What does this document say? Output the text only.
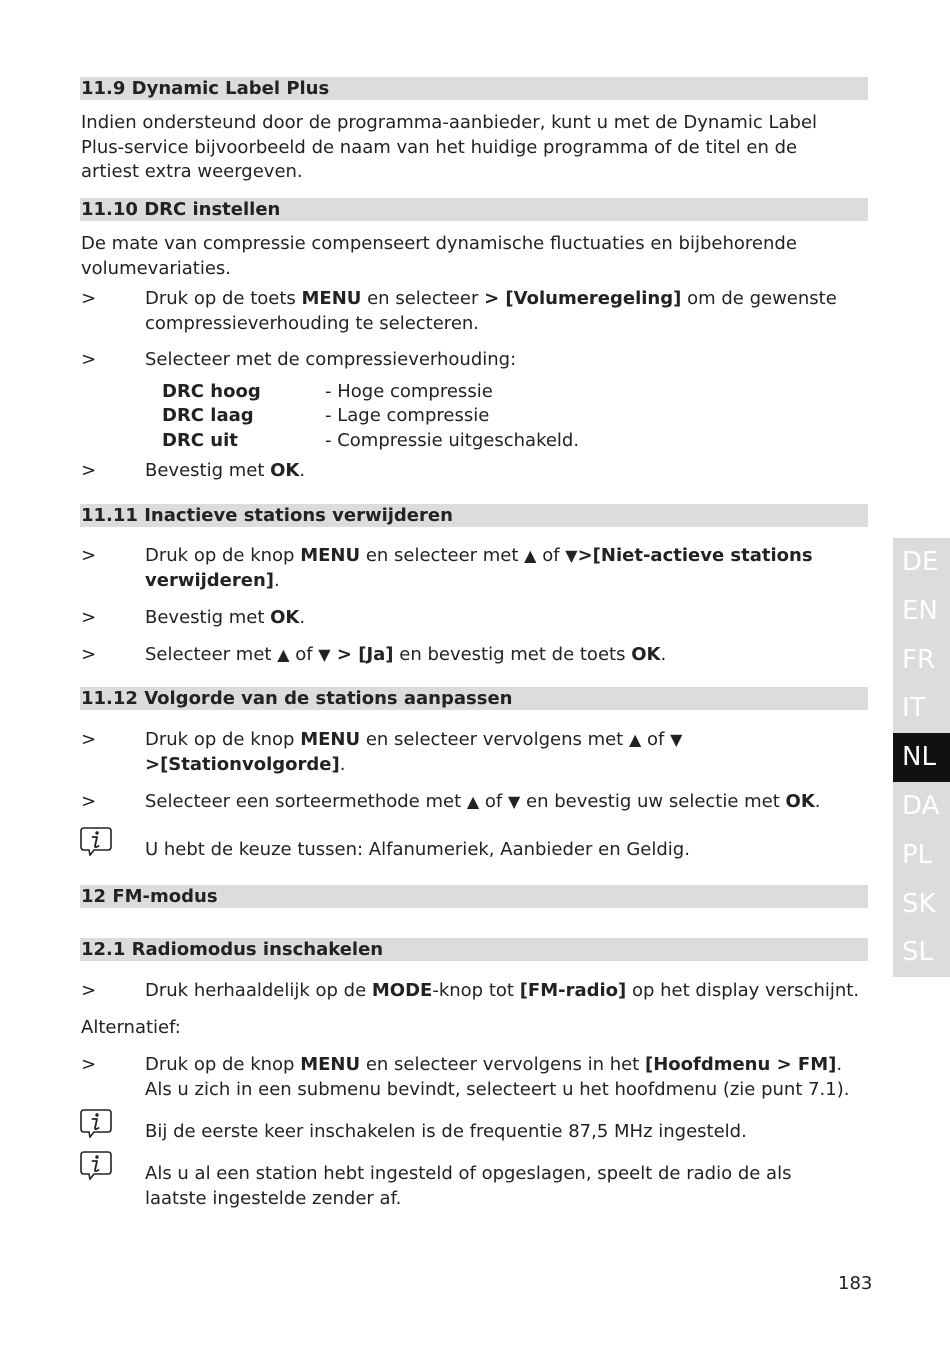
11.9 Dynamic Label Plus
Indien ondersteund door de programma-aanbieder, kunt u met de Dynamic Label
Plus-service bijvoorbeeld de naam van het huidige programma of de titel en de
artiest extra weergeven.
11.10 DRC instellen
De mate van compressie compenseert dynamische fluctuaties en bijbehorende
volumevariaties.
>	Druk op de toets MENU en selecteer > [Volumeregeling] om de gewenste
compressieverhouding te selecteren.
>	Selecteer met de compressieverhouding:
DRC hoog	- Hoge compressie
DRC laag	- Lage compressie
DRC uit	- Compressie uitgeschakeld.
>	Bevestig met OK.
11.11 Inactieve stations verwijderen
>	Druk op de knop MENU en selecteer met ▲ of ▼>[Niet-actieve stations
verwijderen].
>	Bevestig met OK.
>	Selecteer met ▲ of ▼ > [Ja] en bevestig met de toets OK.
11.12 Volgorde van de stations aanpassen
>	Druk op de knop MENU en selecteer vervolgens met ▲ of ▼
>[Stationvolgorde].
>	Selecteer een sorteermethode met ▲ of ▼ en bevestig uw selectie met OK.
U hebt de keuze tussen: Alfanumeriek, Aanbieder en Geldig.
12 FM-modus
12.1 Radiomodus inschakelen
>	Druk herhaaldelijk op de MODE-knop tot [FM-radio] op het display verschijnt.
Alternatief:
>	Druk op de knop MENU en selecteer vervolgens in het [Hoofdmenu > FM].
Als u zich in een submenu bevindt, selecteert u het hoofdmenu (zie punt 7.1).
Bij de eerste keer inschakelen is de frequentie 87,5 MHz ingesteld.
Als u al een station hebt ingesteld of opgeslagen, speelt de radio de als
laatste ingestelde zender af.
DE
EN
FR
IT
NL
DA
PL
SK
SL
183
